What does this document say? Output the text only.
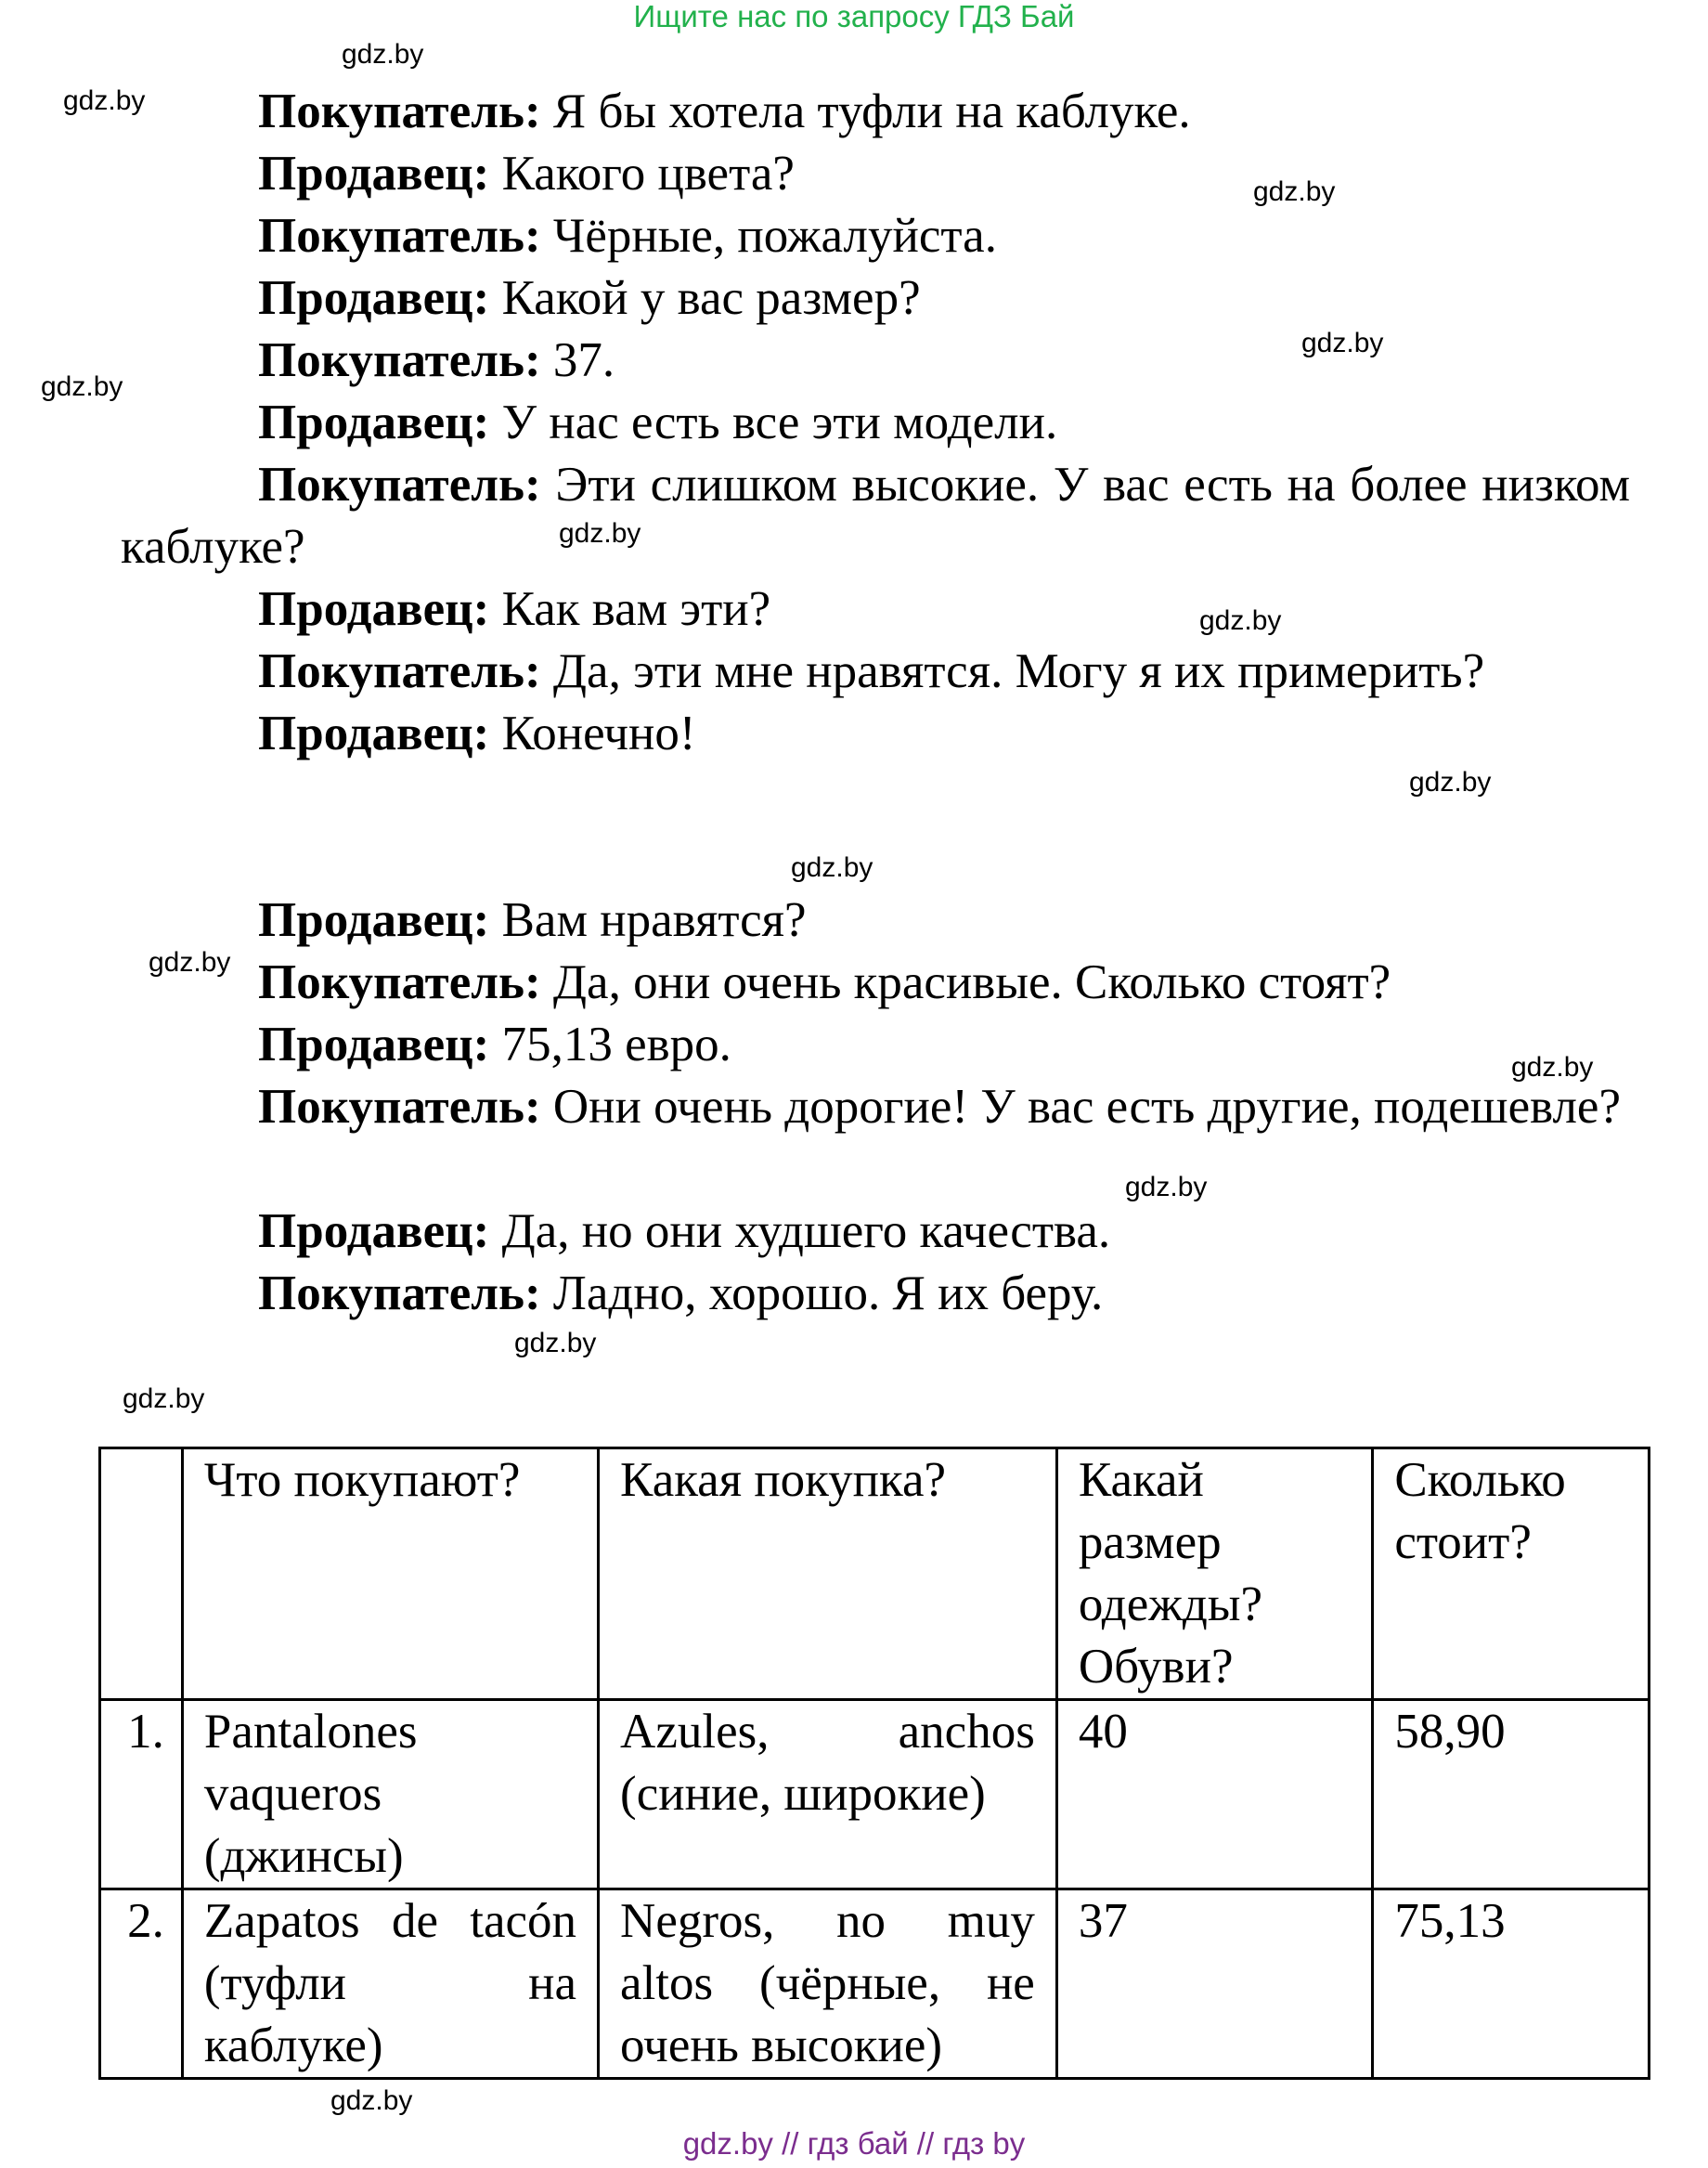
Ищите нас по запросу ГДЗ Бай
gdz.by
gdz.by
gdz.by
gdz.by
gdz.by
gdz.by
gdz.by
gdz.by
gdz.by
gdz.by
gdz.by
gdz.by
gdz.by
gdz.by
gdz.by
Покупатель: Я бы хотела туфли на каблуке.
Продавец: Какого цвета?
Покупатель: Чёрные, пожалуйста.
Продавец: Какой у вас размер?
Покупатель: 37.
Продавец: У нас есть все эти модели.
Покупатель: Эти слишком высокие. У вас есть на более низком каблуке?
Продавец: Как вам эти?
Покупатель: Да, эти мне нравятся. Могу я их примерить?
Продавец: Конечно!
Продавец: Вам нравятся?
Покупатель: Да, они очень красивые. Сколько стоят?
Продавец: 75,13 евро.
Покупатель: Они очень дорогие! У вас есть другие, подешевле?
Продавец: Да, но они худшего качества.
Покупатель: Ладно, хорошо. Я их беру.
	Что покупают?	Какая покупка?	Какай размер одежды? Обуви?	Сколько стоит?
1.	Pantalones vaqueros (джинсы)	Azules, anchos (синие, широкие)	40	58,90
2.	Zapatos de tacón (туфли на каблуке)	Negros, no muy altos (чёрные, не очень высокие)	37	75,13
gdz.by // гдз бай // гдз by
